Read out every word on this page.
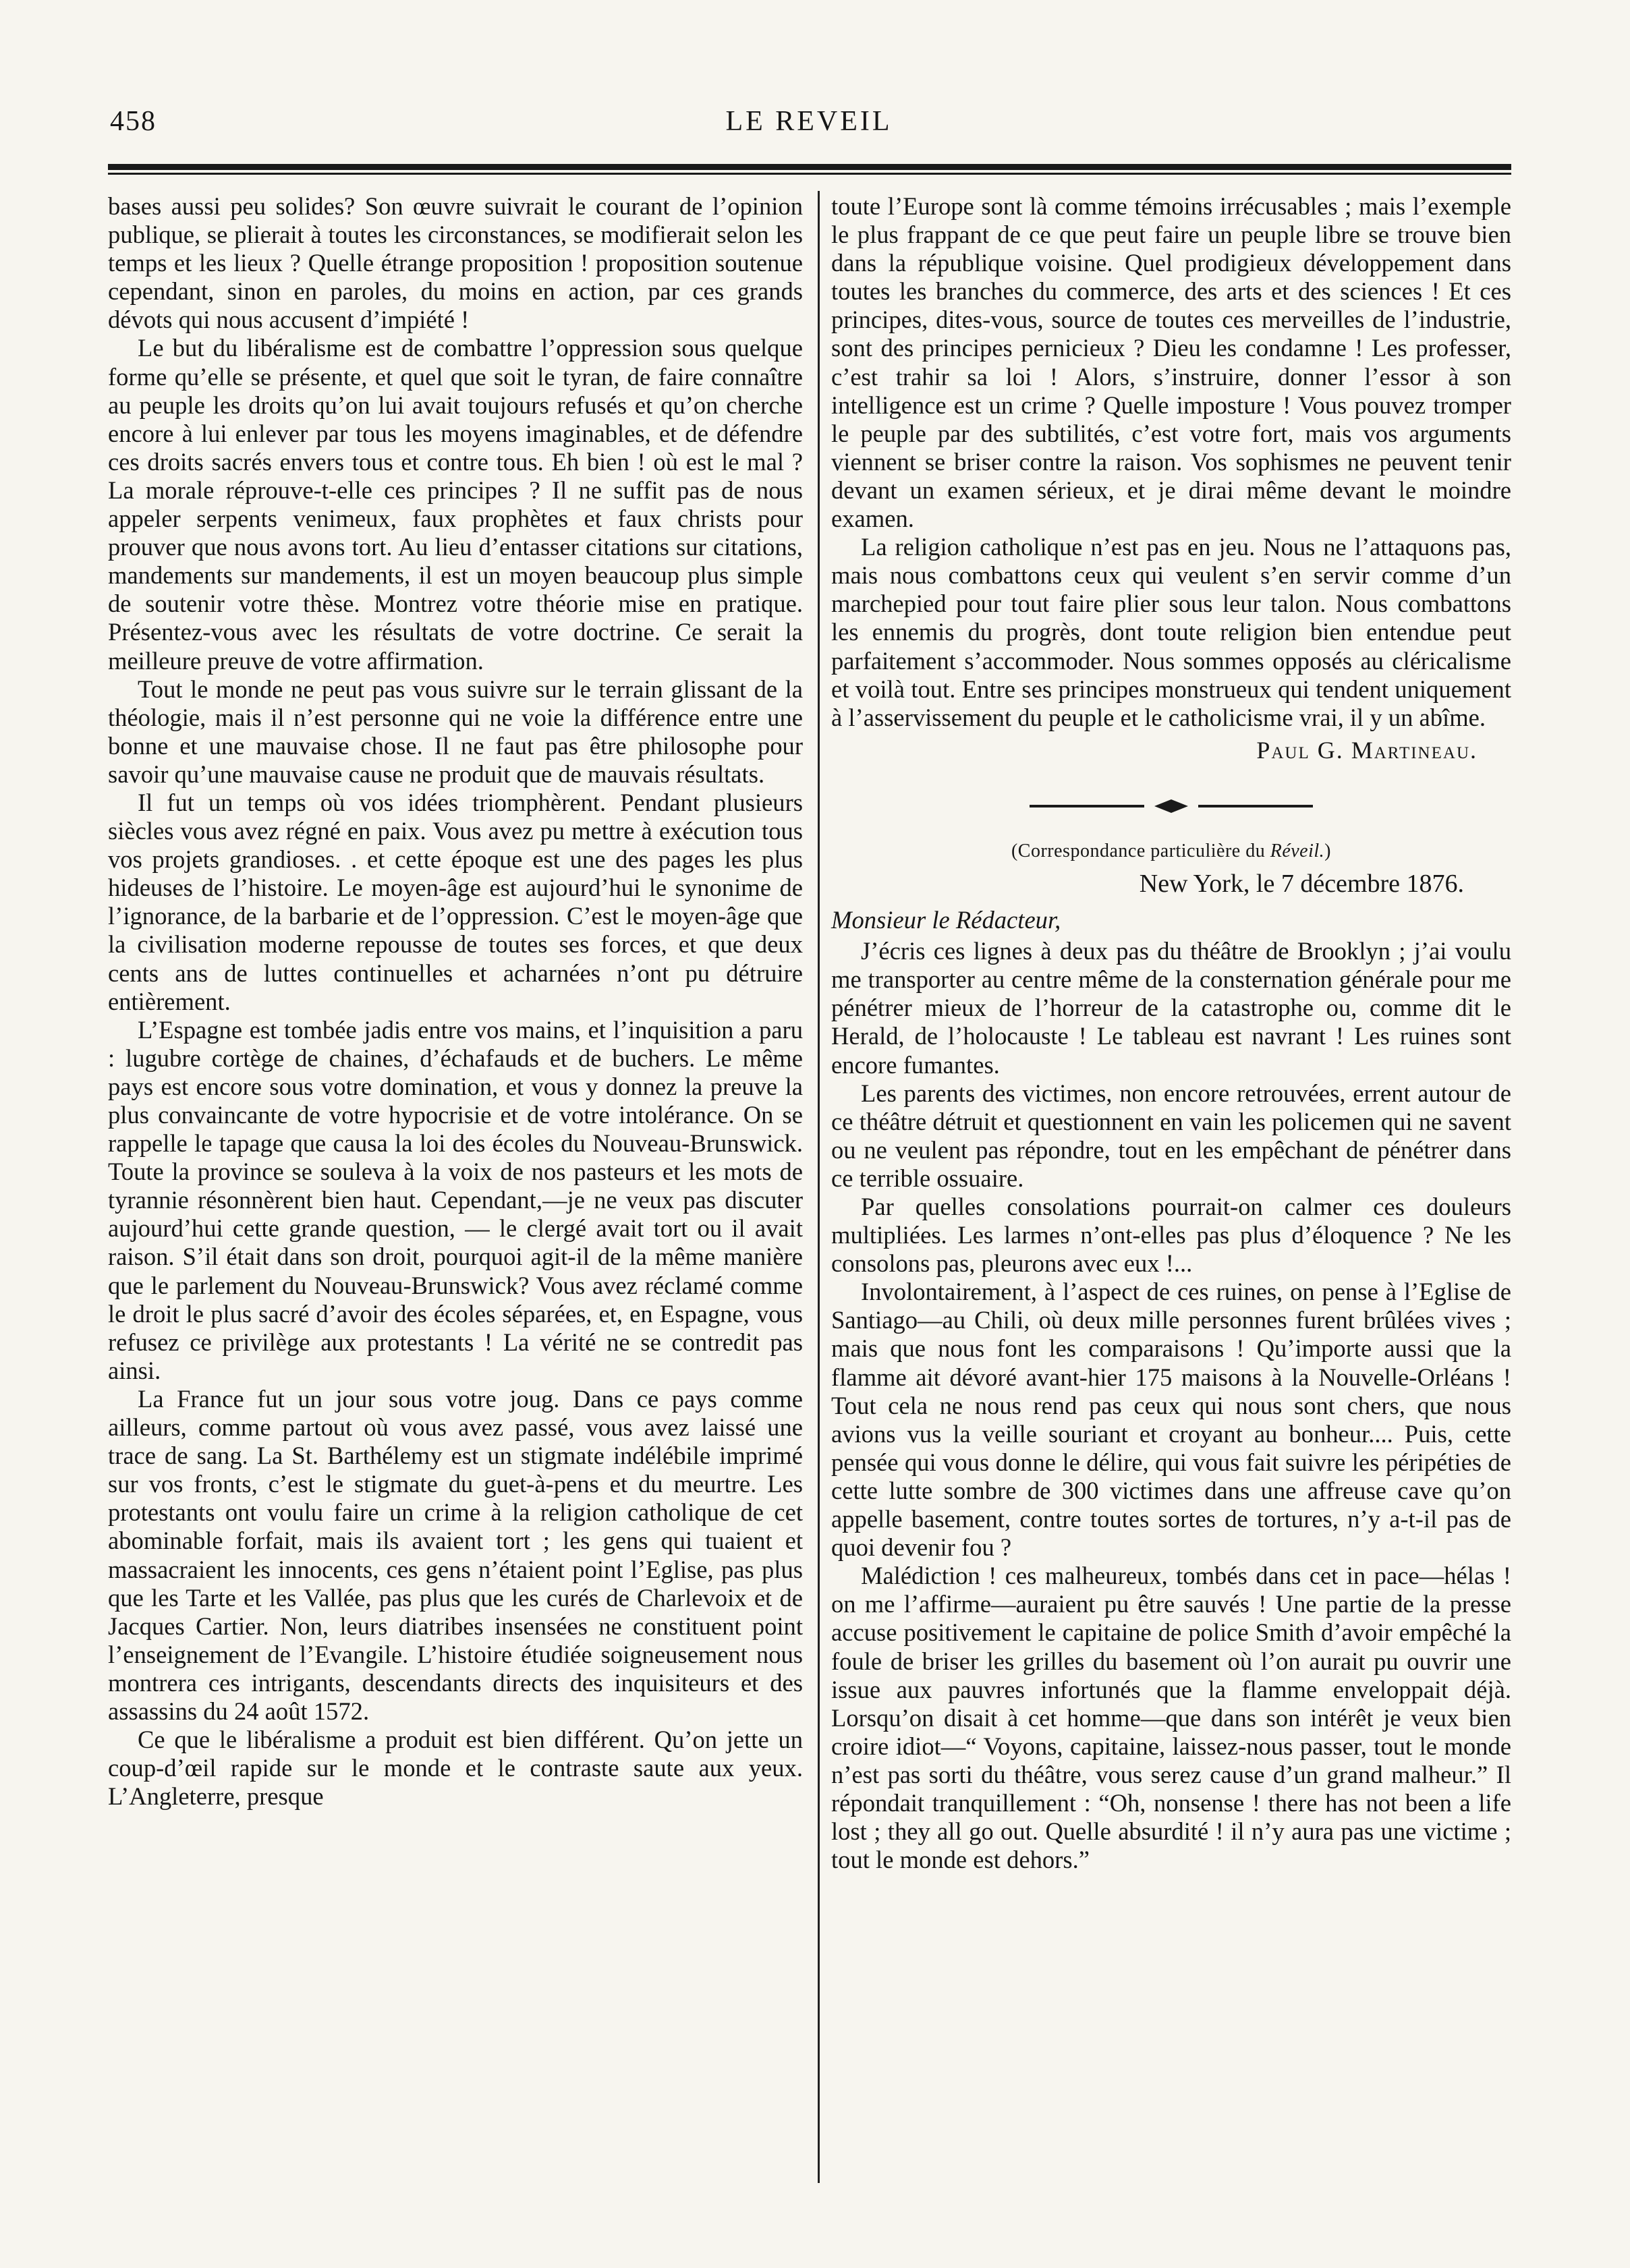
458	LE REVEIL

bases aussi peu solides? Son œuvre suivrait le courant de l’opinion publique, se plierait à toutes les circonstances, se modifierait selon les temps et les lieux ? Quelle étrange proposition ! proposition soutenue cependant, sinon en paroles, du moins en action, par ces grands dévots qui nous accusent d’impiété !

Le but du libéralisme est de combattre l’oppression sous quelque forme qu’elle se présente, et quel que soit le tyran, de faire connaître au peuple les droits qu’on lui avait toujours refusés et qu’on cherche encore à lui enlever par tous les moyens imaginables, et de défendre ces droits sacrés envers tous et contre tous. Eh bien ! où est le mal ? La morale réprouve-t-elle ces principes ? Il ne suffit pas de nous appeler serpents venimeux, faux prophètes et faux christs pour prouver que nous avons tort. Au lieu d’entasser citations sur citations, mandements sur mandements, il est un moyen beaucoup plus simple de soutenir votre thèse. Montrez votre théorie mise en pratique. Présentez-vous avec les résultats de votre doctrine. Ce serait la meilleure preuve de votre affirmation.

Tout le monde ne peut pas vous suivre sur le terrain glissant de la théologie, mais il n’est personne qui ne voie la différence entre une bonne et une mauvaise chose. Il ne faut pas être philosophe pour savoir qu’une mauvaise cause ne produit que de mauvais résultats.

Il fut un temps où vos idées triomphèrent. Pendant plusieurs siècles vous avez régné en paix. Vous avez pu mettre à exécution tous vos projets grandioses. . et cette époque est une des pages les plus hideuses de l’histoire. Le moyen-âge est aujourd’hui le synonime de l’ignorance, de la barbarie et de l’oppression. C’est le moyen-âge que la civilisation moderne repousse de toutes ses forces, et que deux cents ans de luttes continuelles et acharnées n’ont pu détruire entièrement.

L’Espagne est tombée jadis entre vos mains, et l’inquisition a paru : lugubre cortège de chaines, d’échafauds et de buchers. Le même pays est encore sous votre domination, et vous y donnez la preuve la plus convaincante de votre hypocrisie et de votre intolérance. On se rappelle le tapage que causa la loi des écoles du Nouveau-Brunswick. Toute la province se souleva à la voix de nos pasteurs et les mots de tyrannie résonnèrent bien haut. Cependant,—je ne veux pas discuter aujourd’hui cette grande question, — le clergé avait tort ou il avait raison. S’il était dans son droit, pourquoi agit-il de la même manière que le parlement du Nouveau-Brunswick? Vous avez réclamé comme le droit le plus sacré d’avoir des écoles séparées, et, en Espagne, vous refusez ce privilège aux protestants ! La vérité ne se contredit pas ainsi.

La France fut un jour sous votre joug. Dans ce pays comme ailleurs, comme partout où vous avez passé, vous avez laissé une trace de sang. La St. Barthélemy est un stigmate indélébile imprimé sur vos fronts, c’est le stigmate du guet-à-pens et du meurtre. Les protestants ont voulu faire un crime à la religion catholique de cet abominable forfait, mais ils avaient tort ; les gens qui tuaient et massacraient les innocents, ces gens n’étaient point l’Eglise, pas plus que les Tarte et les Vallée, pas plus que les curés de Charlevoix et de Jacques Cartier. Non, leurs diatribes insensées ne constituent point l’enseignement de l’Evangile. L’histoire étudiée soigneusement nous montrera ces intrigants, descendants directs des inquisiteurs et des assassins du 24 août 1572.

Ce que le libéralisme a produit est bien différent. Qu’on jette un coup-d’œil rapide sur le monde et le contraste saute aux yeux. L’Angleterre, presque

toute l’Europe sont là comme témoins irrécusables ; mais l’exemple le plus frappant de ce que peut faire un peuple libre se trouve bien dans la république voisine. Quel prodigieux développement dans toutes les branches du commerce, des arts et des sciences ! Et ces principes, dites-vous, source de toutes ces merveilles de l’industrie, sont des principes pernicieux ? Dieu les condamne ! Les professer, c’est trahir sa loi ! Alors, s’instruire, donner l’essor à son intelligence est un crime ? Quelle imposture ! Vous pouvez tromper le peuple par des subtilités, c’est votre fort, mais vos arguments viennent se briser contre la raison. Vos sophismes ne peuvent tenir devant un examen sérieux, et je dirai même devant le moindre examen.

La religion catholique n’est pas en jeu. Nous ne l’attaquons pas, mais nous combattons ceux qui veulent s’en servir comme d’un marchepied pour tout faire plier sous leur talon. Nous combattons les ennemis du progrès, dont toute religion bien entendue peut parfaitement s’accommoder. Nous sommes opposés au cléricalisme et voilà tout. Entre ses principes monstrueux qui tendent uniquement à l’asservissement du peuple et le catholicisme vrai, il y un abîme.

Paul G. Martineau.

(Correspondance particulière du Réveil.)

New York, le 7 décembre 1876.

Monsieur le Rédacteur,

J’écris ces lignes à deux pas du théâtre de Brooklyn ; j’ai voulu me transporter au centre même de la consternation générale pour me pénétrer mieux de l’horreur de la catastrophe ou, comme dit le Herald, de l’holocauste ! Le tableau est navrant ! Les ruines sont encore fumantes.

Les parents des victimes, non encore retrouvées, errent autour de ce théâtre détruit et questionnent en vain les policemen qui ne savent ou ne veulent pas répondre, tout en les empêchant de pénétrer dans ce terrible ossuaire.

Par quelles consolations pourrait-on calmer ces douleurs multipliées. Les larmes n’ont-elles pas plus d’éloquence ? Ne les consolons pas, pleurons avec eux !...

Involontairement, à l’aspect de ces ruines, on pense à l’Eglise de Santiago—au Chili, où deux mille personnes furent brûlées vives ; mais que nous font les comparaisons ! Qu’importe aussi que la flamme ait dévoré avant-hier 175 maisons à la Nouvelle-Orléans ! Tout cela ne nous rend pas ceux qui nous sont chers, que nous avions vus la veille souriant et croyant au bonheur.... Puis, cette pensée qui vous donne le délire, qui vous fait suivre les péripéties de cette lutte sombre de 300 victimes dans une affreuse cave qu’on appelle basement, contre toutes sortes de tortures, n’y a-t-il pas de quoi devenir fou ?

Malédiction ! ces malheureux, tombés dans cet in pace—hélas ! on me l’affirme—auraient pu être sauvés ! Une partie de la presse accuse positivement le capitaine de police Smith d’avoir empêché la foule de briser les grilles du basement où l’on aurait pu ouvrir une issue aux pauvres infortunés que la flamme enveloppait déjà. Lorsqu’on disait à cet homme—que dans son intérêt je veux bien croire idiot—“ Voyons, capitaine, laissez-nous passer, tout le monde n’est pas sorti du théâtre, vous serez cause d’un grand malheur.” Il répondait tranquillement : “Oh, nonsense ! there has not been a life lost ; they all go out. Quelle absurdité ! il n’y aura pas une victime ; tout le monde est dehors.”
